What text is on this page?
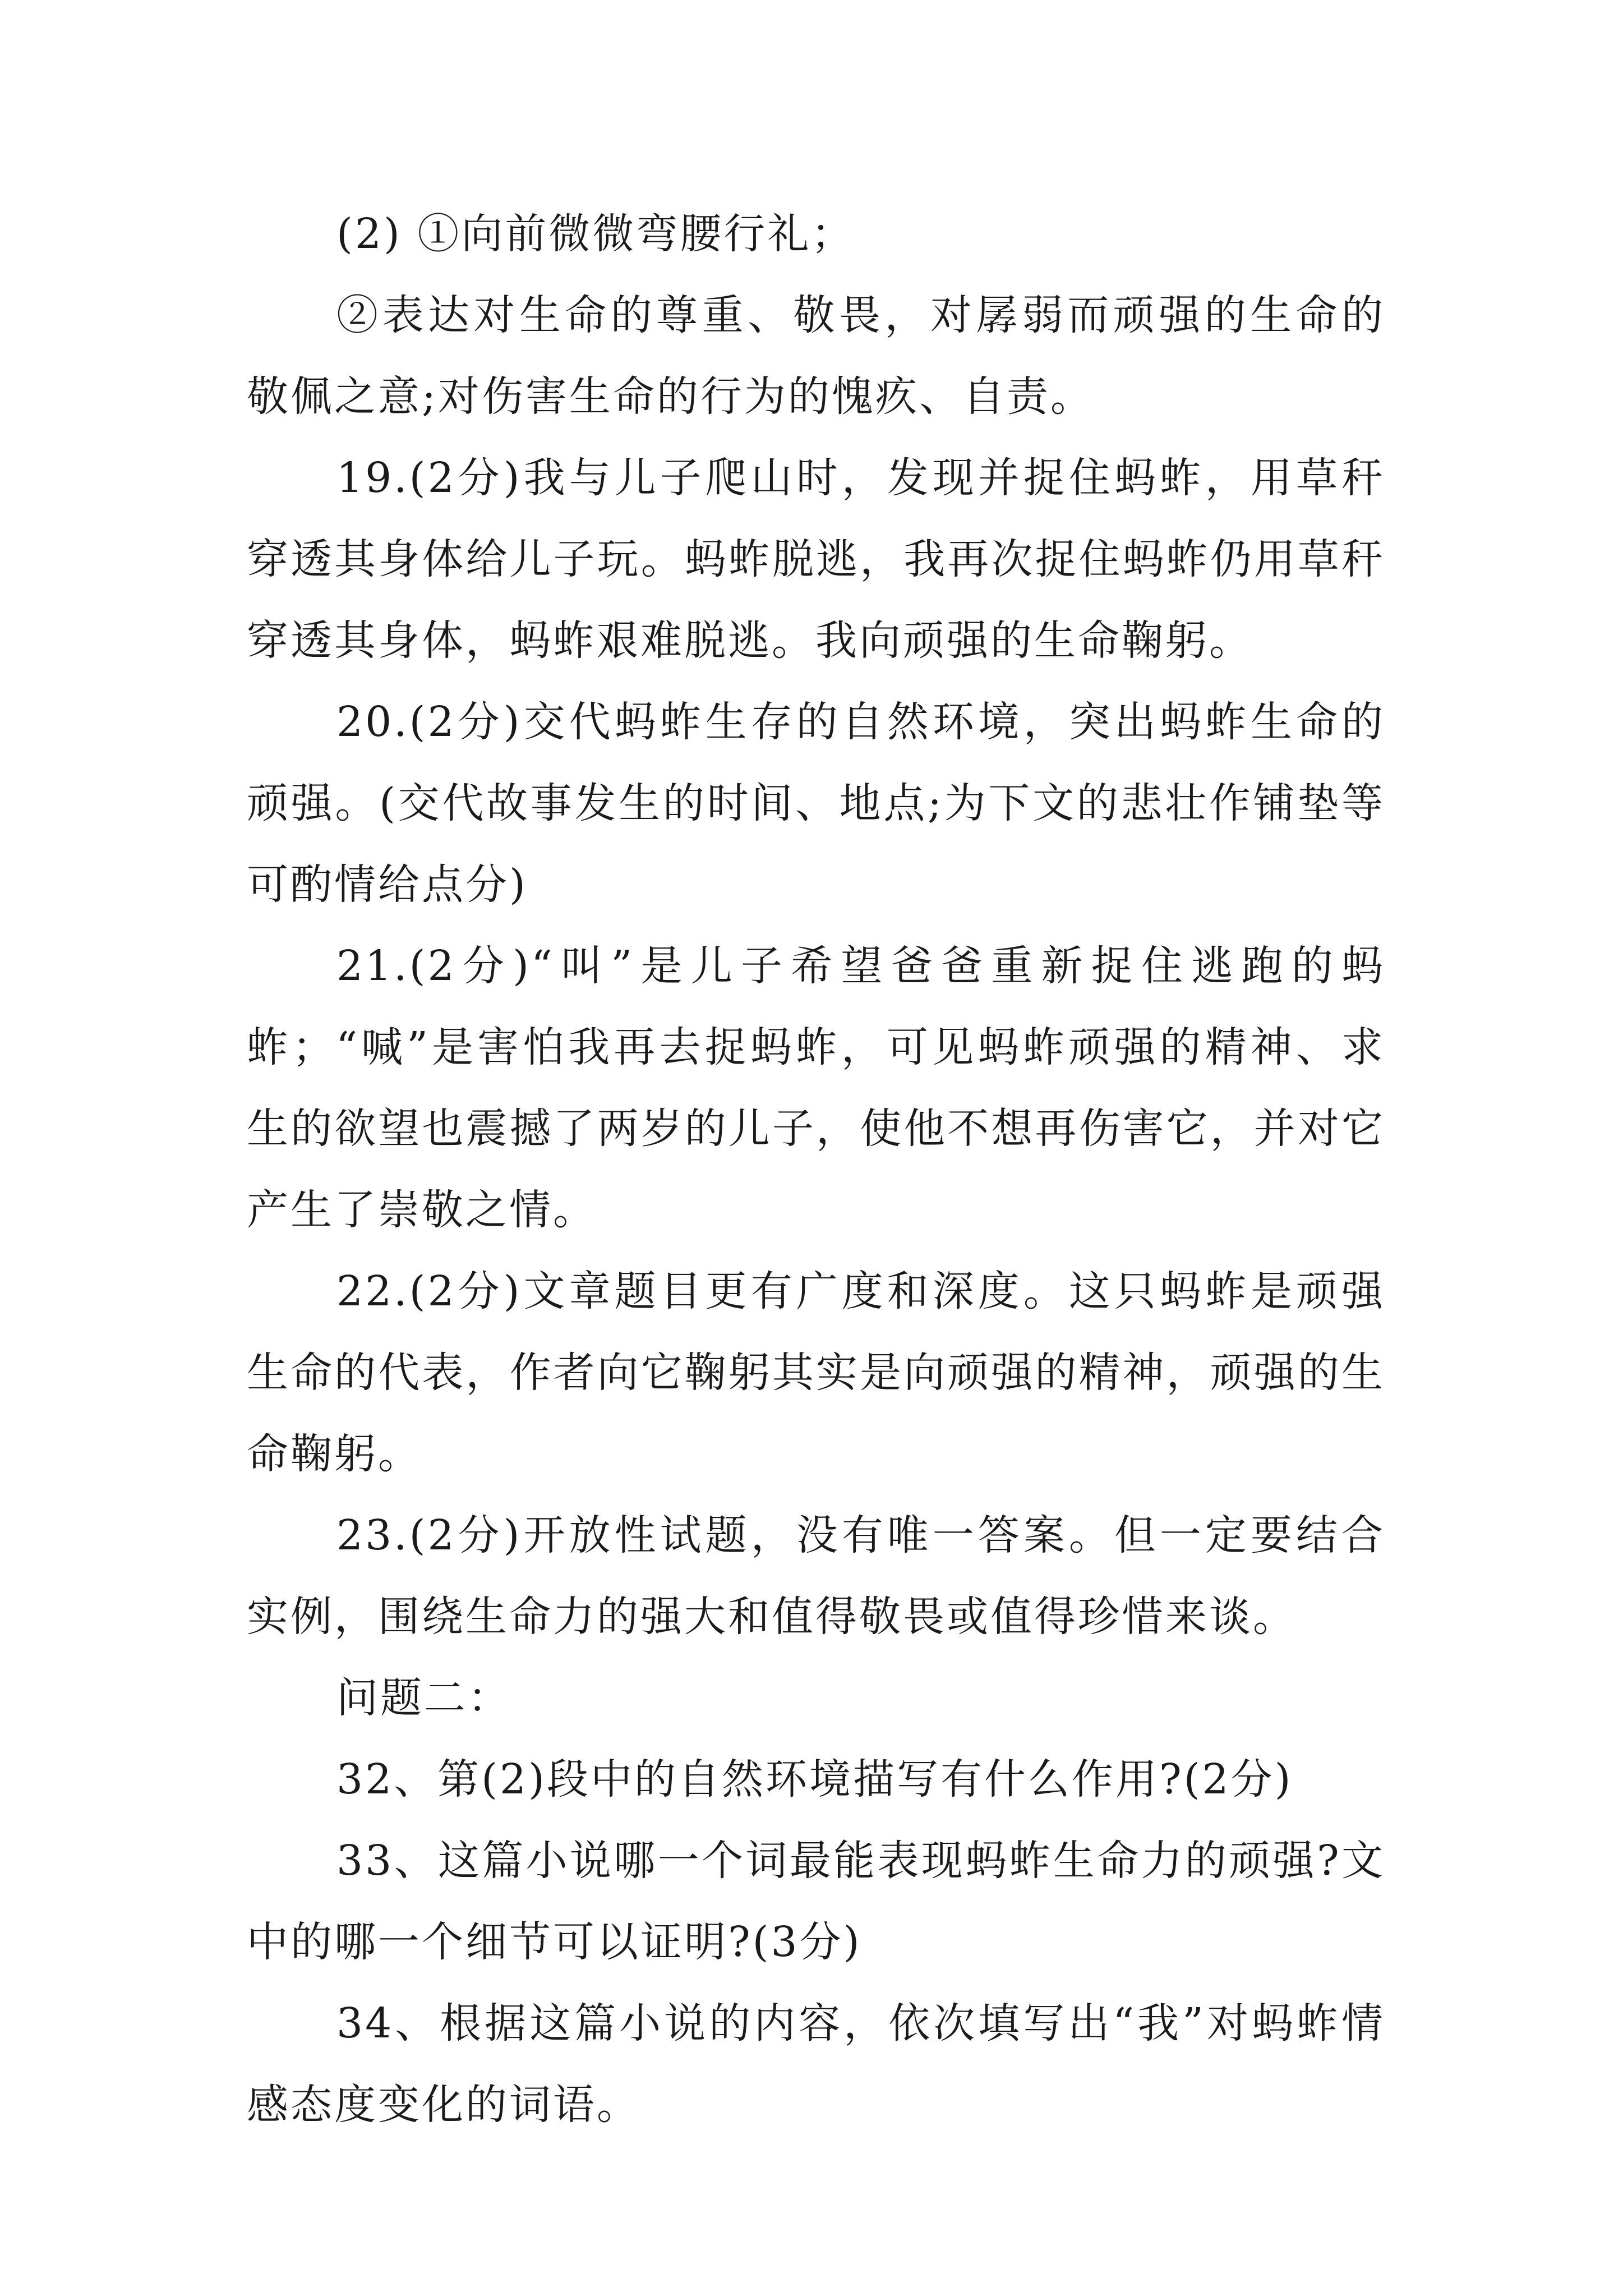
(2) ①向前微微弯腰行礼；

②表达对生命的尊重、敬畏，对孱弱而顽强的生命的敬佩之意;对伤害生命的行为的愧疚、自责。

19.(2分)我与儿子爬山时，发现并捉住蚂蚱，用草秆穿透其身体给儿子玩。蚂蚱脱逃，我再次捉住蚂蚱仍用草秆穿透其身体，蚂蚱艰难脱逃。我向顽强的生命鞠躬。

20.(2分)交代蚂蚱生存的自然环境，突出蚂蚱生命的顽强。(交代故事发生的时间、地点;为下文的悲壮作铺垫等可酌情给点分)

21.(2分)“叫”是儿子希望爸爸重新捉住逃跑的蚂蚱；“喊”是害怕我再去捉蚂蚱，可见蚂蚱顽强的精神、求生的欲望也震撼了两岁的儿子，使他不想再伤害它，并对它产生了崇敬之情。

22.(2分)文章题目更有广度和深度。这只蚂蚱是顽强生命的代表，作者向它鞠躬其实是向顽强的精神，顽强的生命鞠躬。

23.(2分)开放性试题，没有唯一答案。但一定要结合实例，围绕生命力的强大和值得敬畏或值得珍惜来谈。

问题二：

32、第(2)段中的自然环境描写有什么作用?(2分)

33、这篇小说哪一个词最能表现蚂蚱生命力的顽强?文中的哪一个细节可以证明?(3分)

34、根据这篇小说的内容，依次填写出“我”对蚂蚱情感态度变化的词语。
